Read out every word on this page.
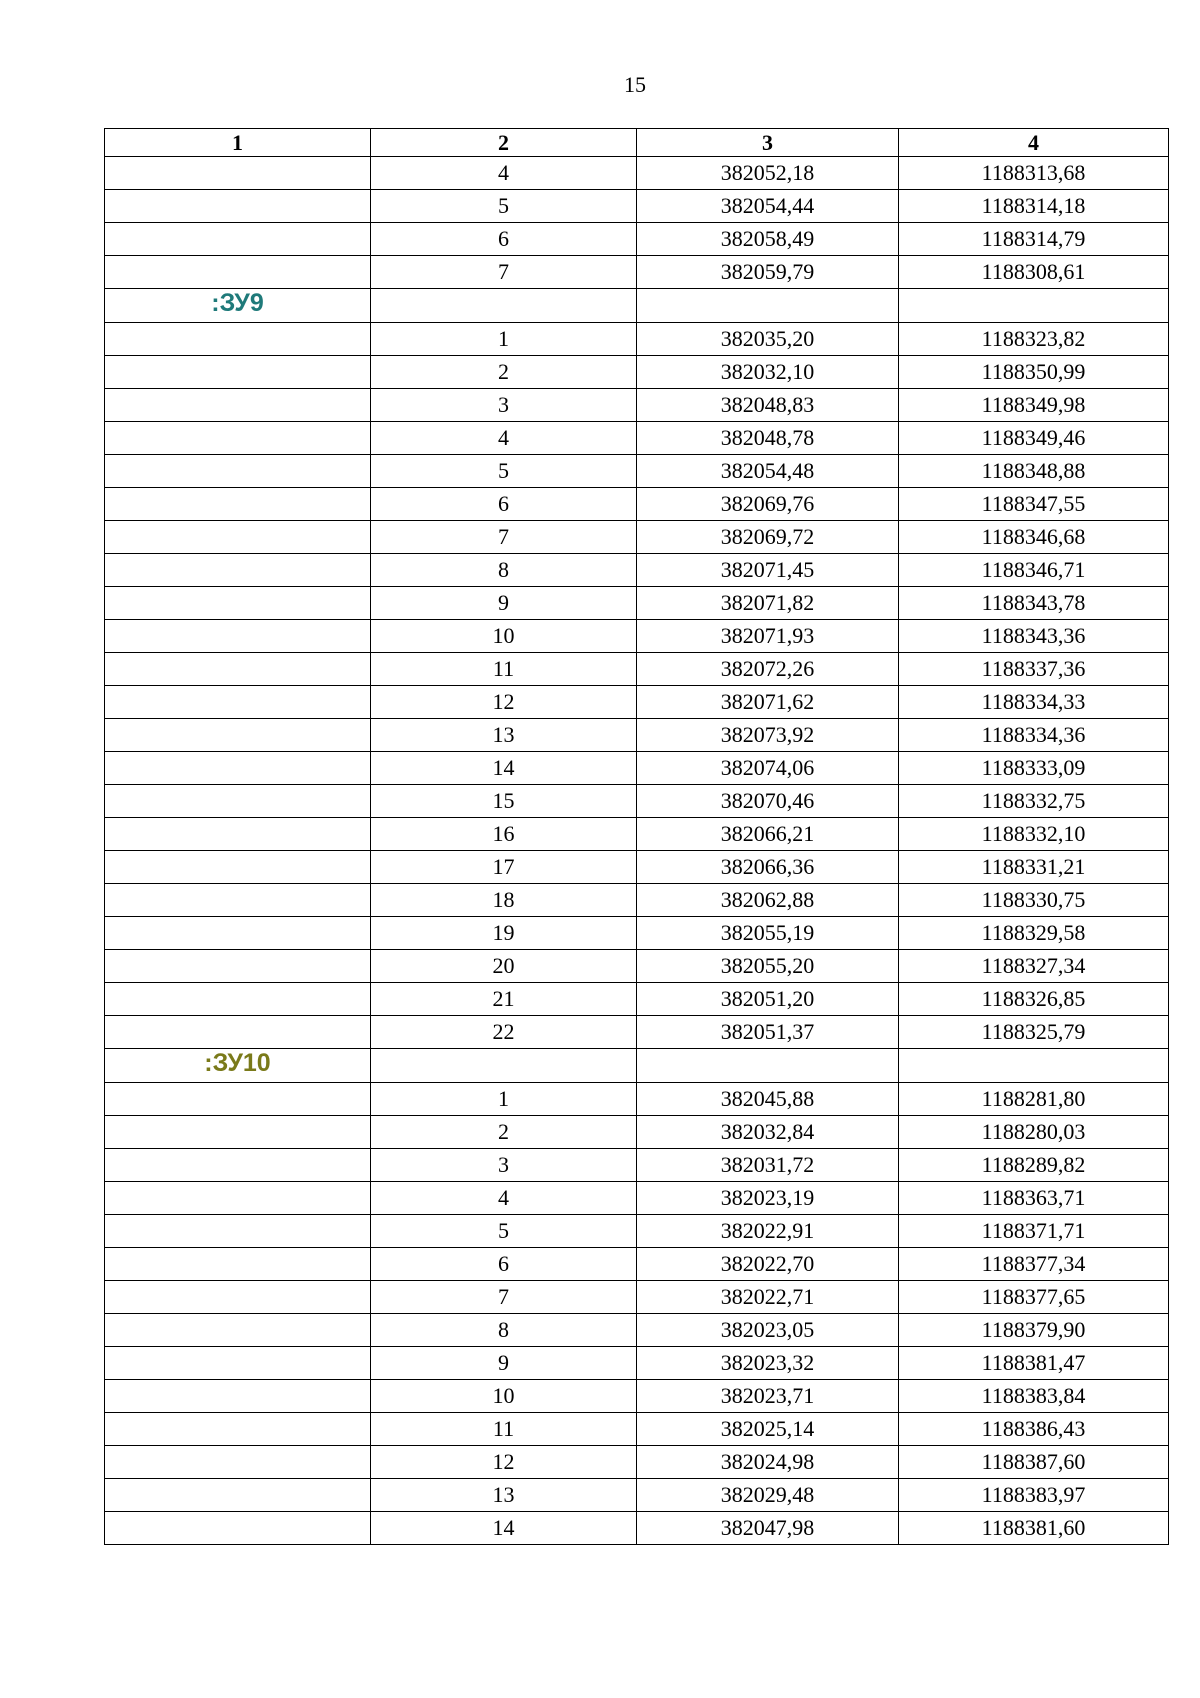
15
1	2	3	4
	4	382052,18	1188313,68
	5	382054,44	1188314,18
	6	382058,49	1188314,79
	7	382059,79	1188308,61
:ЗУ9			
	1	382035,20	1188323,82
	2	382032,10	1188350,99
	3	382048,83	1188349,98
	4	382048,78	1188349,46
	5	382054,48	1188348,88
	6	382069,76	1188347,55
	7	382069,72	1188346,68
	8	382071,45	1188346,71
	9	382071,82	1188343,78
	10	382071,93	1188343,36
	11	382072,26	1188337,36
	12	382071,62	1188334,33
	13	382073,92	1188334,36
	14	382074,06	1188333,09
	15	382070,46	1188332,75
	16	382066,21	1188332,10
	17	382066,36	1188331,21
	18	382062,88	1188330,75
	19	382055,19	1188329,58
	20	382055,20	1188327,34
	21	382051,20	1188326,85
	22	382051,37	1188325,79
:ЗУ10			
	1	382045,88	1188281,80
	2	382032,84	1188280,03
	3	382031,72	1188289,82
	4	382023,19	1188363,71
	5	382022,91	1188371,71
	6	382022,70	1188377,34
	7	382022,71	1188377,65
	8	382023,05	1188379,90
	9	382023,32	1188381,47
	10	382023,71	1188383,84
	11	382025,14	1188386,43
	12	382024,98	1188387,60
	13	382029,48	1188383,97
	14	382047,98	1188381,60
